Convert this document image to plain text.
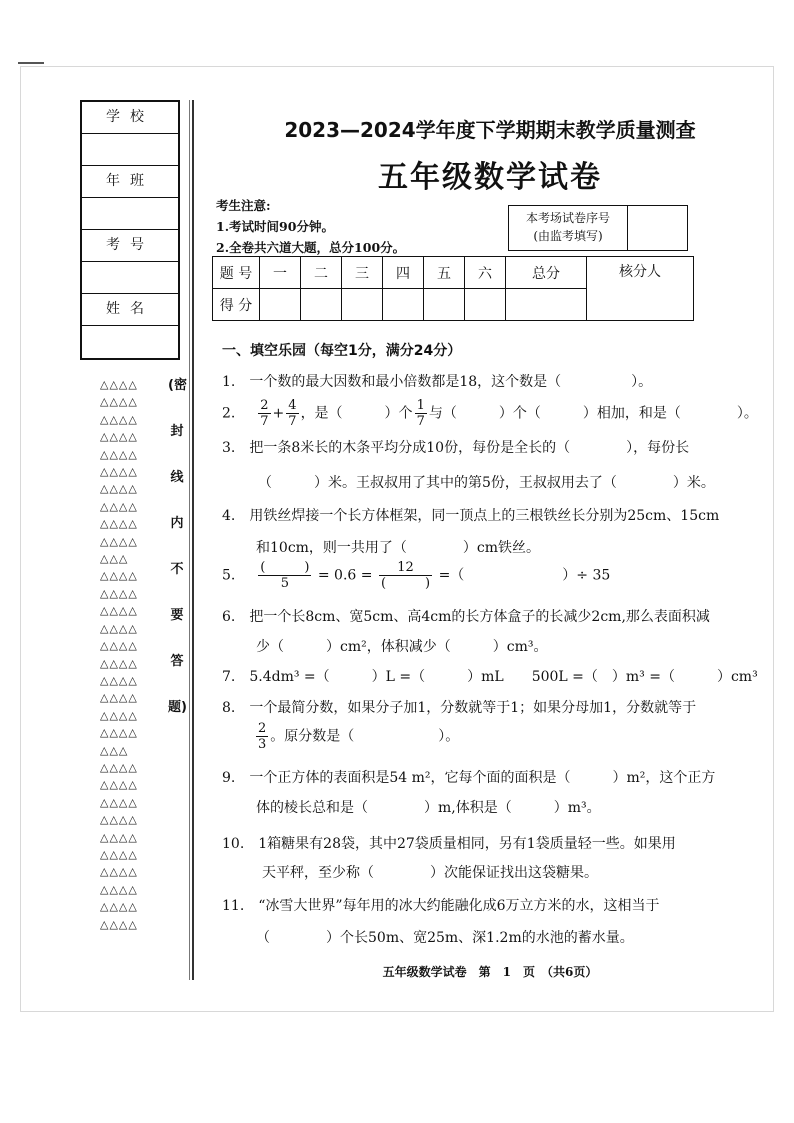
学校
年班
考号
姓名
△△△△
△△△△
△△△△
△△△△
△△△△
△△△△
△△△△
△△△△
△△△△
△△△△
△△△
△△△△
△△△△
△△△△
△△△△
△△△△
△△△△
△△△△
△△△△
△△△△
△△△△
△△△
△△△△
△△△△
△△△△
△△△△
△△△△
△△△△
△△△△
△△△△
△△△△
△△△△
(密
封
线
内
不
要
答
题)
2023—2024学年度下学期期末教学质量测查
五年级数学试卷
考生注意:
1.考试时间90分钟。
2.全卷共六道大题，总分100分。
本考场试卷序号
(由监考填写)
题 号	一	二	三	四	五	六	总分	核分人
得 分								
一、填空乐园（每空1分，满分24分）
1.　一个数的最大因数和最小倍数都是18，这个数是（　　　　　）。
2. $\frac{2}{7} + \frac{4}{7}$ ，是（　　　）个 $\frac{1}{7}$ 与（　　　）个（　　　）相加，和是（　　　　）。
3.　把一条8米长的木条平均分成10份，每份是全长的（　　　　），每份长
（　　　）米。王叔叔用了其中的第5份，王叔叔用去了（　　　　）米。
4.　用铁丝焊接一个长方体框架，同一顶点上的三根铁丝长分别为25cm、15cm
和10cm，则一共用了（　　　　）cm铁丝。
5. $\frac{( )}{5} = 0.6 = \frac{12}{( )}$ =（　　　　　　　）÷ 35
6.　把一个长8cm、宽5cm、高4cm的长方体盒子的长减少2cm,那么表面积减
少（　　　）cm²，体积减少（　　　）cm³。
7.　5.4dm³ =（　　　）L =（　　　）mL　　500L =（　）m³ =（　　　）cm³
8.　一个最简分数，如果分子加1，分数就等于1；如果分母加1，分数就等于
$\frac{2}{3}$ 。原分数是（　　　　　　）。
9.　一个正方体的表面积是54 m²，它每个面的面积是（　　　）m²，这个正方
体的棱长总和是（　　　　）m,体积是（　　　）m³。
10.　1箱糖果有28袋，其中27袋质量相同，另有1袋质量轻一些。如果用
天平秤，至少称（　　　　）次能保证找出这袋糖果。
11.　“冰雪大世界”每年用的冰大约能融化成6万立方米的水，这相当于
（　　　　）个长50m、宽25m、深1.2m的水池的蓄水量。
五年级数学试卷　第　1　页　（共6页）
